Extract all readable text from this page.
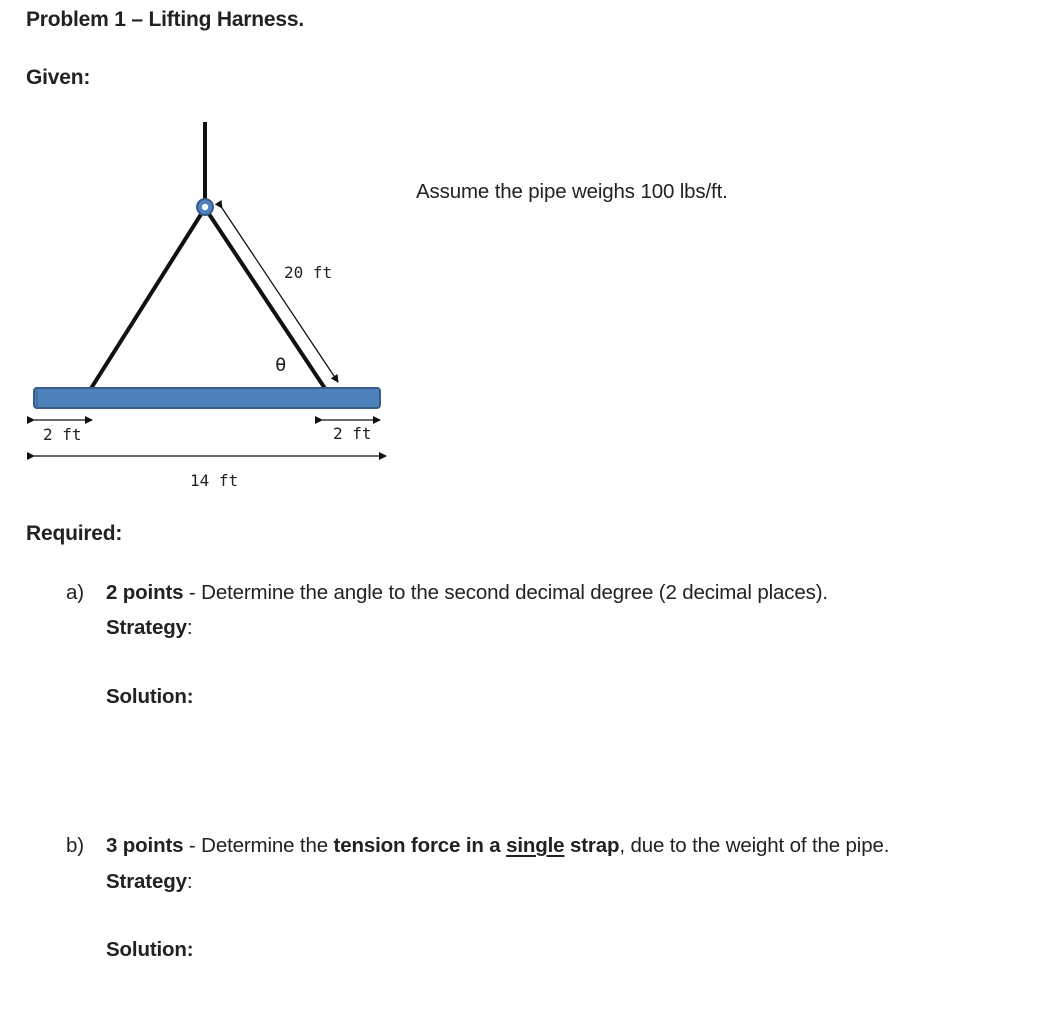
Problem 1 – Lifting Harness.
Given:
20 ft
θ
2 ft	2 ft
14 ft
Assume the pipe weighs 100 lbs/ft.
Required:
a) 2 points - Determine the angle to the second decimal degree (2 decimal places).
Strategy:
Solution:
b) 3 points - Determine the tension force in a single strap, due to the weight of the pipe.
Strategy:
Solution:
